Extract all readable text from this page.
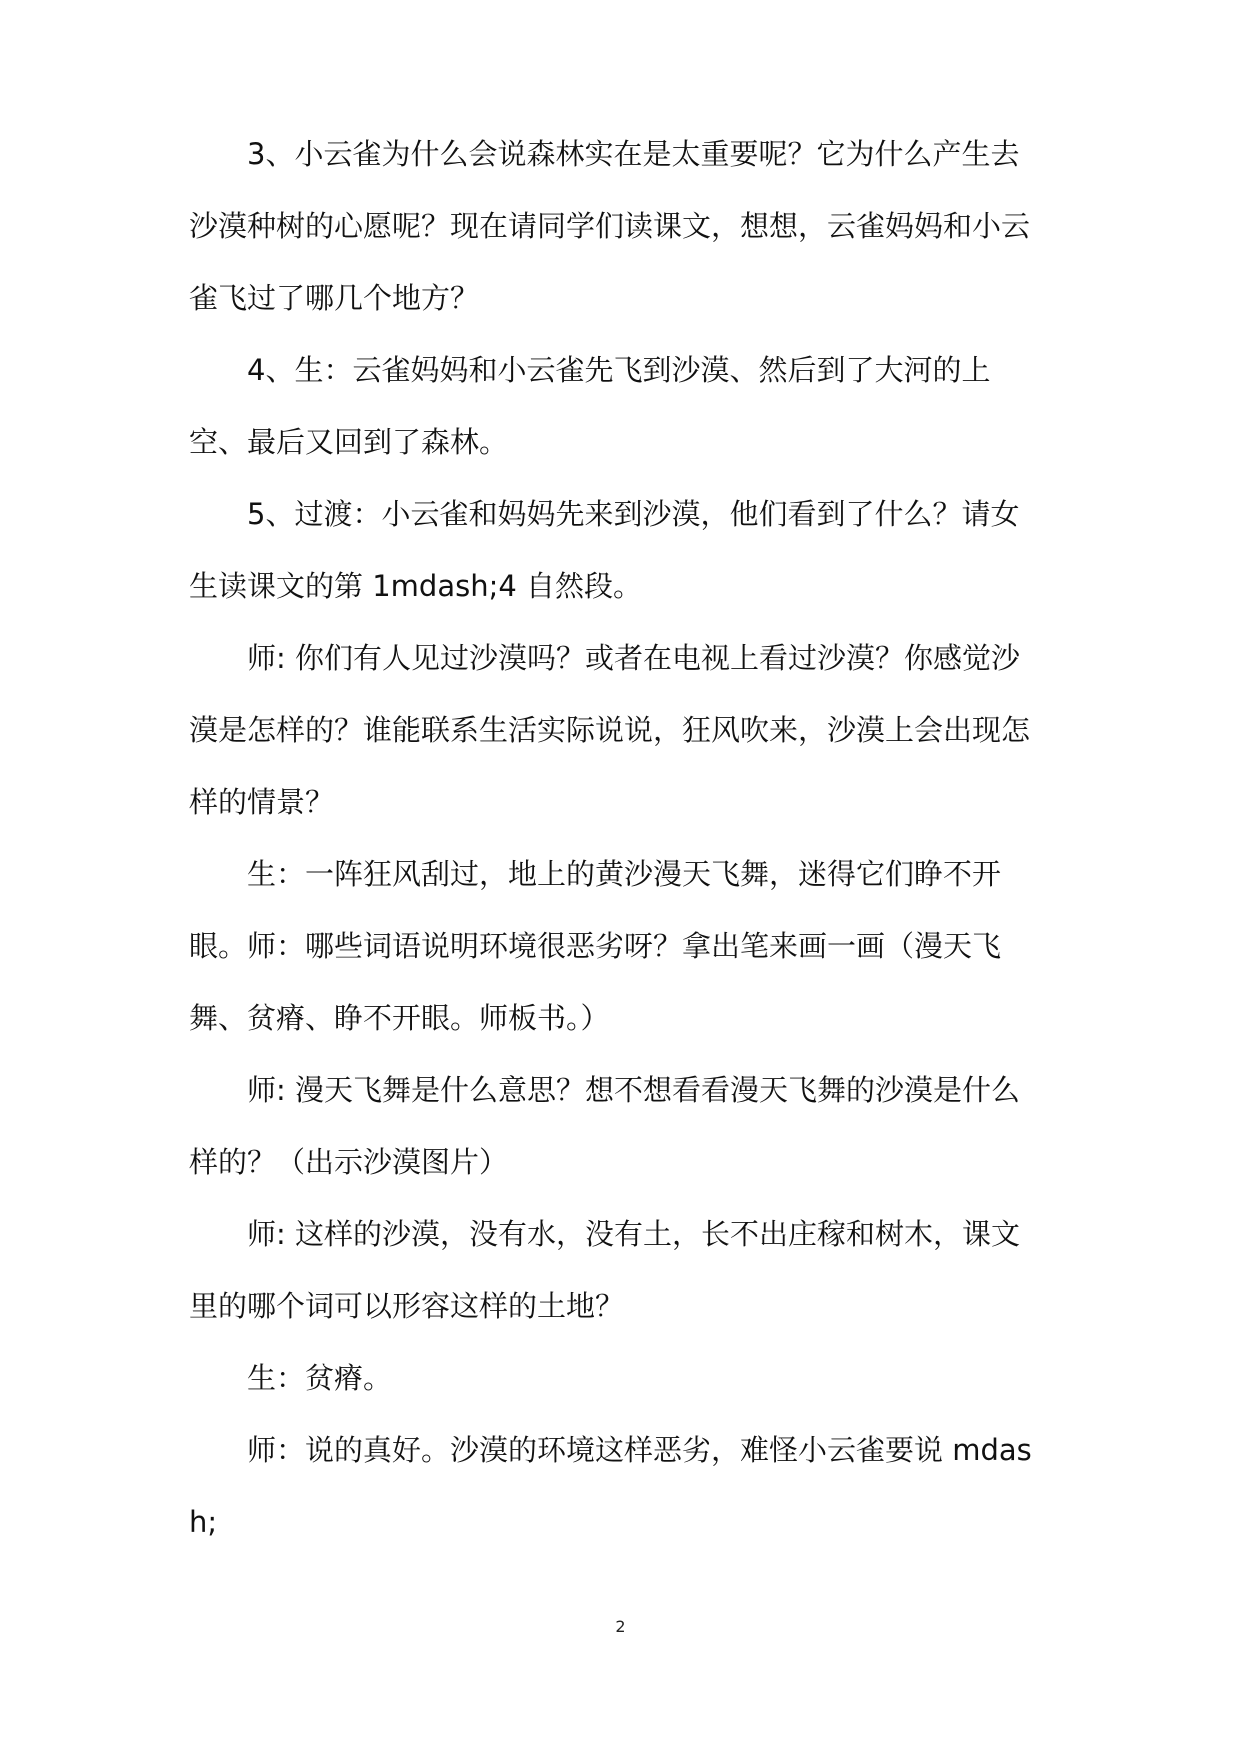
3、小云雀为什么会说森林实在是太重要呢？它为什么产生去沙漠种树的心愿呢？现在请同学们读课文，想想，云雀妈妈和小云雀飞过了哪几个地方？

4、生：云雀妈妈和小云雀先飞到沙漠、然后到了大河的上空、最后又回到了森林。

5、过渡：小云雀和妈妈先来到沙漠，他们看到了什么？请女生读课文的第 1mdash;4 自然段。

师: 你们有人见过沙漠吗？或者在电视上看过沙漠？你感觉沙漠是怎样的？谁能联系生活实际说说，狂风吹来，沙漠上会出现怎样的情景？

生：一阵狂风刮过，地上的黄沙漫天飞舞，迷得它们睁不开眼。 师：哪些词语说明环境很恶劣呀？拿出笔来画一画（漫天飞舞、贫瘠、睁不开眼。师板书。）

师: 漫天飞舞是什么意思？想不想看看漫天飞舞的沙漠是什么样的？（出示沙漠图片）

师: 这样的沙漠，没有水，没有土，长不出庄稼和树木，课文里的哪个词可以形容这样的土地？

生：贫瘠。

师：说的真好。沙漠的环境这样恶劣，难怪小云雀要说 mdash;

2
